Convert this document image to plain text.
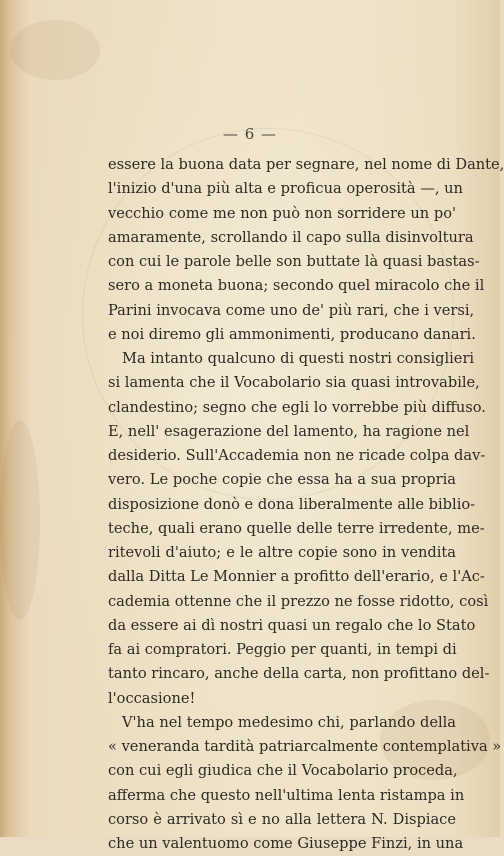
— 6 —
essere la buona data per segnare, nel nome di Dante,
l'inizio d'una più alta e proficua operosità —, un
vecchio come me non può non sorridere un po'
amaramente, scrollando il capo sulla disinvoltura
con cui le parole belle son buttate là quasi bastas-
sero a moneta buona; secondo quel miracolo che il
Parini invocava come uno de' più rari, che i versi,
e noi diremo gli ammonimenti, producano danari.
Ma intanto qualcuno di questi nostri consiglieri
si lamenta che il Vocabolario sia quasi introvabile,
clandestino; segno che egli lo vorrebbe più diffuso.
E, nell' esagerazione del lamento, ha ragione nel
desiderio. Sull'Accademia non ne ricade colpa dav-
vero. Le poche copie che essa ha a sua propria
disposizione donò e dona liberalmente alle biblio-
teche, quali erano quelle delle terre irredente, me-
ritevoli d'aiuto; e le altre copie sono in vendita
dalla Ditta Le Monnier a profitto dell'erario, e l'Ac-
cademia ottenne che il prezzo ne fosse ridotto, così
da essere ai dì nostri quasi un regalo che lo Stato
fa ai compratori. Peggio per quanti, in tempi di
tanto rincaro, anche della carta, non profittano del-
l'occasione!
V'ha nel tempo medesimo chi, parlando della
« veneranda tardità patriarcalmente contemplativa »
con cui egli giudica che il Vocabolario proceda,
afferma che questo nell'ultima lenta ristampa in
corso è arrivato sì e no alla lettera N. Dispiace
che un valentuomo come Giuseppe Finzi, in una
